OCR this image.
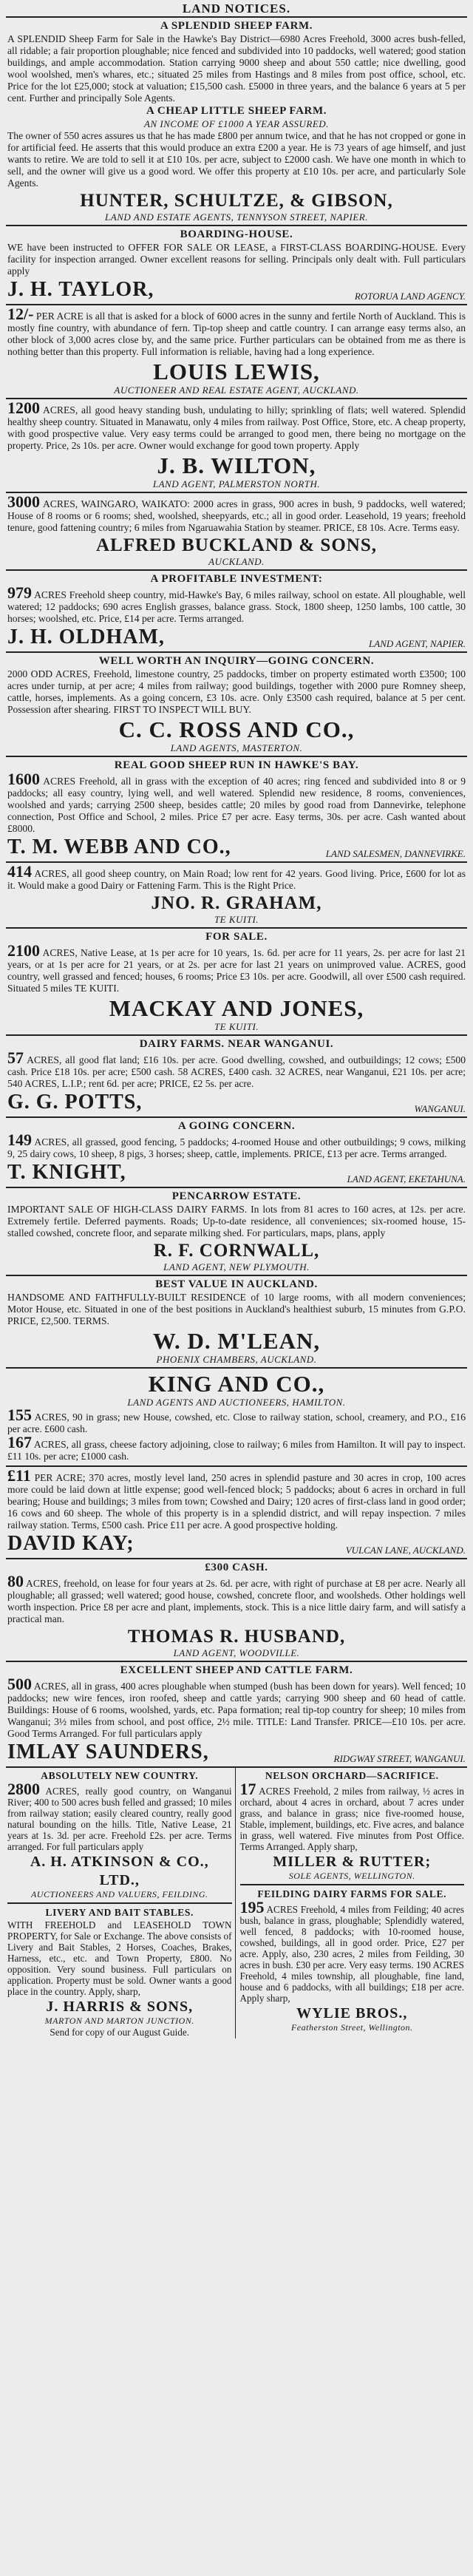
LAND NOTICES.
A SPLENDID SHEEP FARM.
A SPLENDID Sheep Farm for Sale in the Hawke's Bay District—6980 Acres Freehold, 3000 acres bush-felled, all ridable; a fair proportion ploughable; nice fenced and subdivided into 10 paddocks, well watered; good station buildings, and ample accommodation. Station carrying 9000 sheep and about 550 cattle; nice dwelling, good wool woolshed, men's whares, etc.; situated 25 miles from Hastings and 8 miles from post office, school, etc. Price for the lot £25,000; stock at valuation; £15,500 cash. £5000 in three years, and the balance 6 years at 5 per cent. Further and principally Sole Agents.
A CHEAP LITTLE SHEEP FARM.
AN INCOME OF £1000 A YEAR ASSURED.
The owner of 550 acres assures us that he has made £800 per annum twice, and that he has not cropped or gone in for artificial feed. He asserts that this would produce an extra £200 a year. He is 73 years of age himself, and just wants to retire. We are told to sell it at £10 10s. per acre, subject to £2000 cash. We have one month in which to sell, and the owner will give us a good word. We offer this property at £10 10s. per acre, and particularly Sole Agents.
HUNTER, SCHULTZE, & GIBSON,
LAND AND ESTATE AGENTS, TENNYSON STREET, NAPIER.
BOARDING-HOUSE.
WE have been instructed to OFFER FOR SALE OR LEASE, a FIRST-CLASS BOARDING-HOUSE. Every facility for inspection arranged. Owner excellent reasons for selling. Principals only dealt with. Full particulars apply
J. H. TAYLOR,	ROTORUA LAND AGENCY.
12/- PER ACRE is all that is asked for a block of 6000 acres in the sunny and fertile North of Auckland. This is mostly fine country, with abundance of fern. Tip-top sheep and cattle country. I can arrange easy terms also, an other block of 3,000 acres close by, and the same price. Further particulars can be obtained from me as there is nothing better than this property. Full information is reliable, having had a long experience.
LOUIS LEWIS,
AUCTIONEER AND REAL ESTATE AGENT, AUCKLAND.
1200 ACRES, all good heavy standing bush, undulating to hilly; sprinkling of flats; well watered. Splendid healthy sheep country. Situated in Manawatu, only 4 miles from railway. Post Office, Store, etc. A cheap property, with good prospective value. Very easy terms could be arranged to good men, there being no mortgage on the property. Price, 2s 10s. per acre. Owner would exchange for good town property. Apply
J. B. WILTON,
LAND AGENT, PALMERSTON NORTH.
3000 ACRES, WAINGARO, WAIKATO: 2000 acres in grass, 900 acres in bush, 9 paddocks, well watered; House of 8 rooms or 6 rooms; shed, woolshed, sheepyards, etc.; all in good order. Leasehold, 19 years; freehold tenure, good fattening country; 6 miles from Ngaruawahia Station by steamer. PRICE, £8 10s. Acre. Terms easy.
ALFRED BUCKLAND & SONS,
AUCKLAND.
A PROFITABLE INVESTMENT:
979 ACRES Freehold sheep country, mid-Hawke's Bay, 6 miles railway, school on estate. All ploughable, well watered; 12 paddocks; 690 acres English grasses, balance grass. Stock, 1800 sheep, 1250 lambs, 100 cattle, 30 horses; woolshed, etc. Price, £14 per acre. Terms arranged.
J. H. OLDHAM,	LAND AGENT, NAPIER.
WELL WORTH AN INQUIRY—GOING CONCERN.
2000 ODD ACRES, Freehold, limestone country, 25 paddocks, timber on property estimated worth £3500; 100 acres under turnip, at per acre; 4 miles from railway; good buildings, together with 2000 pure Romney sheep, cattle, horses, implements. As a going concern, £3 10s. acre. Only £3500 cash required, balance at 5 per cent. Possession after shearing. FIRST TO INSPECT WILL BUY.
C. C. ROSS AND CO.,
LAND AGENTS, MASTERTON.
REAL GOOD SHEEP RUN IN HAWKE'S BAY.
1600 ACRES Freehold, all in grass with the exception of 40 acres; ring fenced and subdivided into 8 or 9 paddocks; all easy country, lying well, and well watered. Splendid new residence, 8 rooms, conveniences, woolshed and yards; carrying 2500 sheep, besides cattle; 20 miles by good road from Dannevirke, telephone connection, Post Office and School, 2 miles. Price £7 per acre. Easy terms, 30s. per acre. Cash wanted about £8000.
T. M. WEBB AND CO.,	LAND SALESMEN, DANNEVIRKE.
414 ACRES, all good sheep country, on Main Road; low rent for 42 years. Good living. Price, £600 for lot as it. Would make a good Dairy or Fattening Farm. This is the Right Price.
JNO. R. GRAHAM,
TE KUITI.
FOR SALE.
2100 ACRES, Native Lease, at 1s per acre for 10 years, 1s. 6d. per acre for 11 years, 2s. per acre for last 21 years, or at 1s per acre for 21 years, or at 2s. per acre for last 21 years on unimproved value. ACRES, good country, well grassed and fenced; houses, 6 rooms; Price £3 10s. per acre. Goodwill, all over £500 cash required. Situated 5 miles TE KUITI.
MACKAY AND JONES,
TE KUITI.
DAIRY FARMS. NEAR WANGANUI.
57 ACRES, all good flat land; £16 10s. per acre. Good dwelling, cowshed, and outbuildings; 12 cows; £500 cash. Price £18 10s. per acre; £500 cash. 58 ACRES, £400 cash. 32 ACRES, near Wanganui, £21 10s. per acre; 540 ACRES, L.I.P.; rent 6d. per acre; PRICE, £2 5s. per acre.
G. G. POTTS,	WANGANUI.
A GOING CONCERN.
149 ACRES, all grassed, good fencing, 5 paddocks; 4-roomed House and other outbuildings; 9 cows, milking 9, 25 dairy cows, 10 sheep, 8 pigs, 3 horses; sheep, cattle, implements. PRICE, £13 per acre. Terms arranged.
T. KNIGHT,	LAND AGENT, EKETAHUNA.
PENCARROW ESTATE.
IMPORTANT SALE OF HIGH-CLASS DAIRY FARMS. In lots from 81 acres to 160 acres, at 12s. per acre. Extremely fertile. Deferred payments. Roads; Up-to-date residence, all conveniences; six-roomed house, 15-stalled cowshed, concrete floor, and separate milking shed. For particulars, maps, plans, apply
R. F. CORNWALL,
LAND AGENT, NEW PLYMOUTH.
BEST VALUE IN AUCKLAND.
HANDSOME AND FAITHFULLY-BUILT RESIDENCE of 10 large rooms, with all modern conveniences; Motor House, etc. Situated in one of the best positions in Auckland's healthiest suburb, 15 minutes from G.P.O. PRICE, £2,500. TERMS.
W. D. M'LEAN,
PHOENIX CHAMBERS, AUCKLAND.
KING AND CO.,
LAND AGENTS AND AUCTIONEERS, HAMILTON.
155 ACRES, 90 in grass; new House, cowshed, etc. Close to railway station, school, creamery, and P.O., £16 per acre. £600 cash.
167 ACRES, all grass, cheese factory adjoining, close to railway; 6 miles from Hamilton. It will pay to inspect. £11 10s. per acre; £1000 cash.
£11 PER ACRE; 370 acres, mostly level land, 250 acres in splendid pasture and 30 acres in crop, 100 acres more could be laid down at little expense; good well-fenced block; 5 paddocks; about 6 acres in orchard in full bearing; House and buildings; 3 miles from town; Cowshed and Dairy; 120 acres of first-class land in good order; 16 cows and 60 sheep. The whole of this property is in a splendid district, and will repay inspection. 7 miles railway station. Terms, £500 cash. Price £11 per acre. A good prospective holding.
DAVID KAY;	VULCAN LANE, AUCKLAND.
£300 CASH.
80 ACRES, freehold, on lease for four years at 2s. 6d. per acre, with right of purchase at £8 per acre. Nearly all ploughable; all grassed; well watered; good house, cowshed, concrete floor, and woolsheds. Other holdings well worth inspection. Price £8 per acre and plant, implements, stock. This is a nice little dairy farm, and will satisfy a practical man.
THOMAS R. HUSBAND,
LAND AGENT, WOODVILLE.
EXCELLENT SHEEP AND CATTLE FARM.
500 ACRES, all in grass, 400 acres ploughable when stumped (bush has been down for years). Well fenced; 10 paddocks; new wire fences, iron roofed, sheep and cattle yards; carrying 900 sheep and 60 head of cattle. Buildings: House of 6 rooms, woolshed, yards, etc. Papa formation; real tip-top country for sheep; 10 miles from Wanganui; 3½ miles from school, and post office, 2½ mile. TITLE: Land Transfer. PRICE—£10 10s. per acre. Good Terms Arranged. For full particulars apply
IMLAY SAUNDERS,	RIDGWAY STREET, WANGANUI.
ABSOLUTELY NEW COUNTRY.
2800 ACRES, really good country, on Wanganui River; 400 to 500 acres bush felled and grassed; 10 miles from railway station; easily cleared country, really good natural bounding on the hills. Title, Native Lease, 21 years at 1s. 3d. per acre. Freehold £2s. per acre. Terms arranged. For full particulars apply
A. H. ATKINSON & CO.,
LTD.,
AUCTIONEERS AND VALUERS, FEILDING.
LIVERY AND BAIT STABLES.
WITH FREEHOLD and LEASEHOLD TOWN PROPERTY, for Sale or Exchange. The above consists of Livery and Bait Stables, 2 Horses, Coaches, Brakes, Harness, etc., etc. and Town Property, £800. No opposition. Very sound business. Full particulars on application. Property must be sold. Owner wants a good place in the country. Apply, sharp,
J. HARRIS & SONS,
MARTON AND MARTON JUNCTION.
Send for copy of our August Guide.
NELSON ORCHARD—SACRIFICE.
17 ACRES Freehold, 2 miles from railway, ½ acres in orchard, about 4 acres in orchard, about 7 acres under grass, and balance in grass; nice five-roomed house, Stable, implement, buildings, etc. Five acres, and balance in grass, well watered. Five minutes from Post Office. Terms Arranged. Apply sharp,
MILLER & RUTTER;
SOLE AGENTS, WELLINGTON.
FEILDING DAIRY FARMS FOR SALE.
195 ACRES Freehold, 4 miles from Feilding; 40 acres bush, balance in grass, ploughable; Splendidly watered, well fenced, 8 paddocks; with 10-roomed house, cowshed, buildings, all in good order. Price, £27 per acre. Apply, also, 230 acres, 2 miles from Feilding, 30 acres in bush. £30 per acre. Very easy terms. 190 ACRES Freehold, 4 miles township, all ploughable, fine land, house and 6 paddocks, with all buildings; £18 per acre. Apply sharp,
WYLIE BROS.,
Featherston Street, Wellington.
